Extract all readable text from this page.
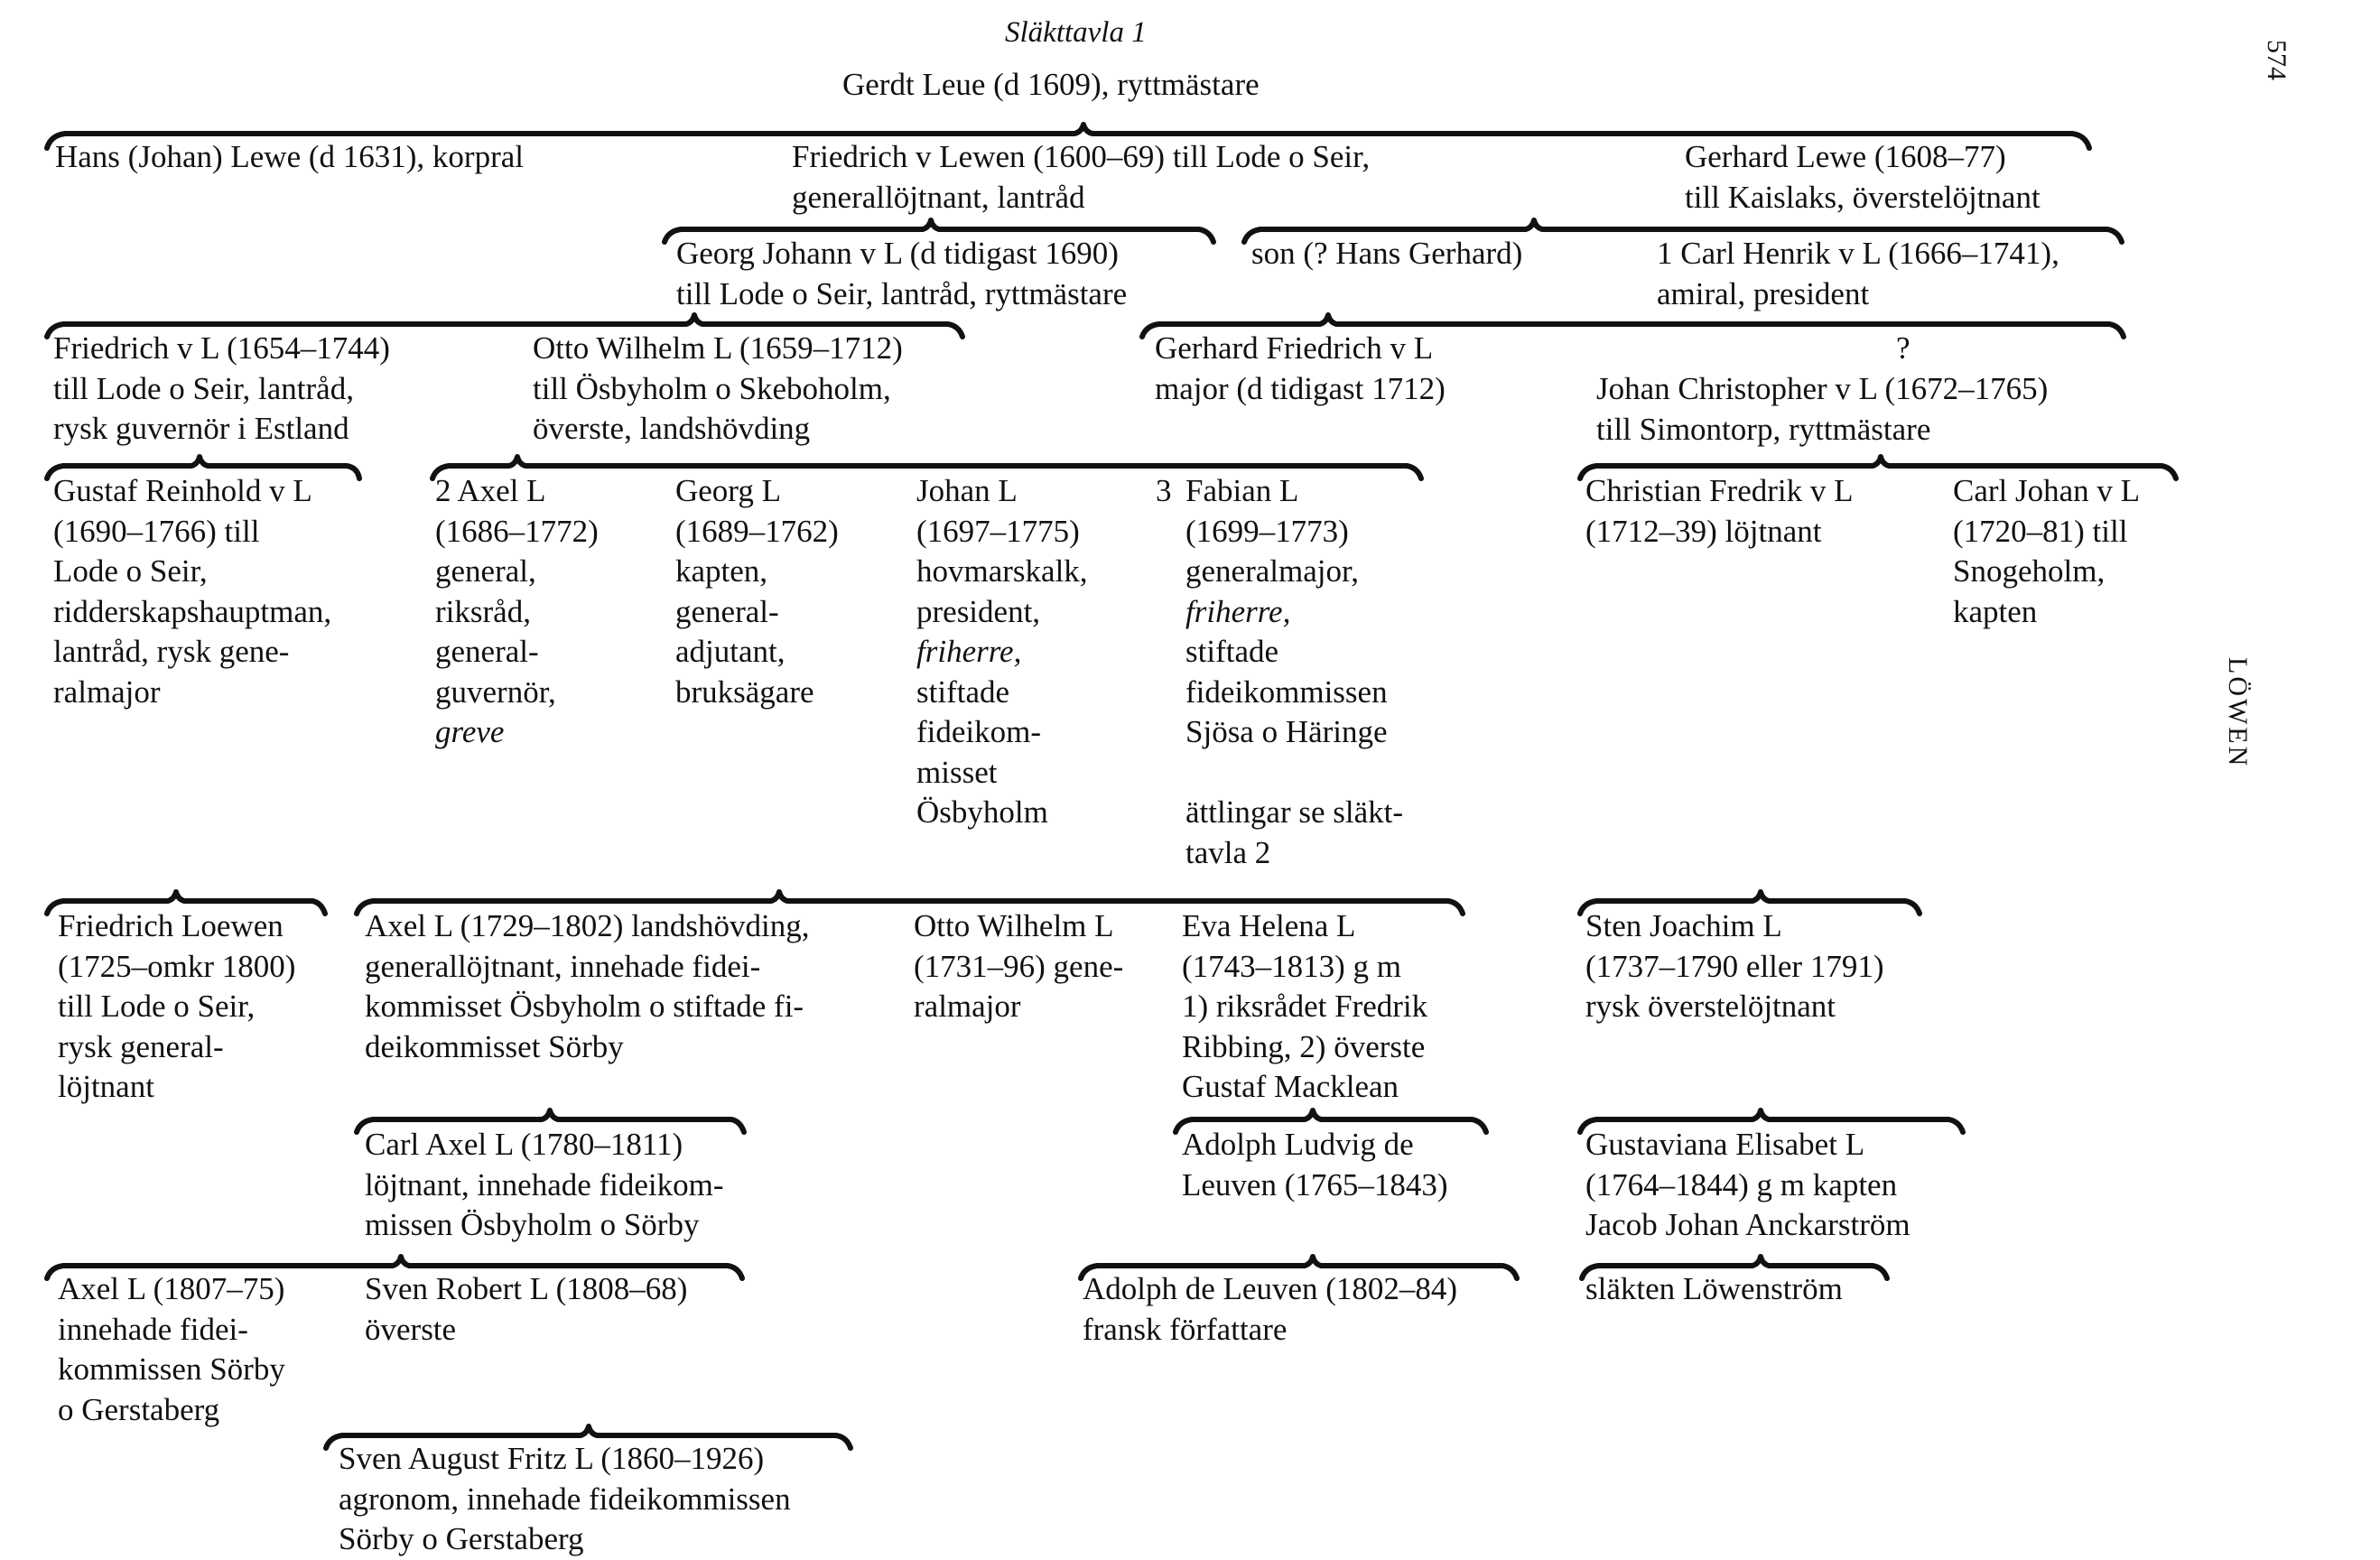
Släkttavla 1
Gerdt Leue (d 1609), ryttmästare
574
LÖWEN
Hans (Johan) Lewe (d 1631), korpral	Friedrich v Lewen (1600–69) till Lode o Seir,
generallöjtnant, lantråd
Gerhard Lewe (1608–77)
till Kaislaks, överstelöjtnant
Georg Johann v L (d tidigast 1690)
till Lode o Seir, lantråd, ryttmästare
son (? Hans Gerhard)	1 Carl Henrik v L (1666–1741),
amiral, president
Friedrich v L (1654–1744)
till Lode o Seir, lantråd,
rysk guvernör i Estland
Otto Wilhelm L (1659–1712)
till Ösbyholm o Skeboholm,
överste, landshövding
Gerhard Friedrich v L
major (d tidigast 1712)
?
Johan Christopher v L (1672–1765)
till Simontorp, ryttmästare
Gustaf Reinhold v L
(1690–1766) till
Lode o Seir,
ridderskapshauptman,
lantråd, rysk gene-
ralmajor
2 Axel L
(1686–1772)
general,
riksråd,
general-
guvernör,
greve
Georg L
(1689–1762)
kapten,
general-
adjutant,
bruksägare
Johan L
(1697–1775)
hovmarskalk,
president,
friherre,
stiftade
fideikom-
misset
Ösbyholm
3 Fabian L
(1699–1773)
generalmajor,
friherre,
stiftade
fideikommissen
Sjösa o Häringe
ättlingar se släkt-
tavla 2
Christian Fredrik v L
(1712–39) löjtnant
Carl Johan v L
(1720–81) till
Snogeholm,
kapten
Friedrich Loewen
(1725–omkr 1800)
till Lode o Seir,
rysk general-
löjtnant
Axel L (1729–1802) landshövding,
generallöjtnant, innehade fidei-
kommisset Ösbyholm o stiftade fi-
deikommisset Sörby
Otto Wilhelm L
(1731–96) gene-
ralmajor
Eva Helena L
(1743–1813) g m
1) riksrådet Fredrik
Ribbing, 2) överste
Gustaf Macklean
Sten Joachim L
(1737–1790 eller 1791)
rysk överstelöjtnant
Carl Axel L (1780–1811)
löjtnant, innehade fideikom-
missen Ösbyholm o Sörby
Adolph Ludvig de
Leuven (1765–1843)
Gustaviana Elisabet L
(1764–1844) g m kapten
Jacob Johan Anckarström
Axel L (1807–75)
innehade fidei-
kommissen Sörby
o Gerstaberg
Sven Robert L (1808–68)
överste
Adolph de Leuven (1802–84)
fransk författare
släkten Löwenström
Sven August Fritz L (1860–1926)
agronom, innehade fideikommissen
Sörby o Gerstaberg
